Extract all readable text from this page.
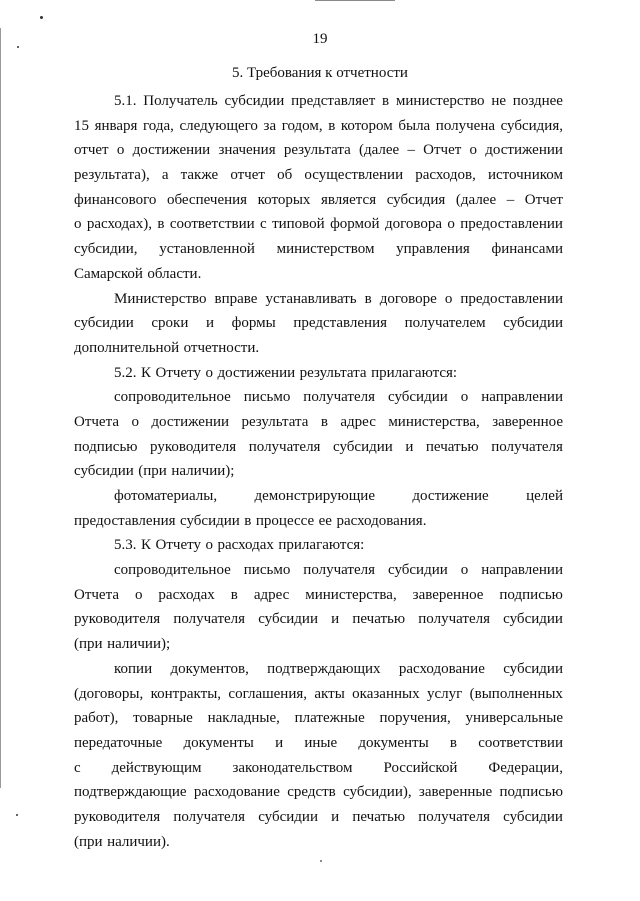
19
5. Требования к отчетности
5.1. Получатель субсидии представляет в министерство не позднее
15 января года, следующего за годом, в котором была получена субсидия,
отчет о достижении значения результата (далее – Отчет о достижении
результата), а также отчет об осуществлении расходов, источником
финансового обеспечения которых является субсидия (далее – Отчет
о расходах), в соответствии с типовой формой договора о предоставлении
субсидии, установленной министерством управления финансами
Самарской области.
Министерство вправе устанавливать в договоре о предоставлении
субсидии сроки и формы представления получателем субсидии
дополнительной отчетности.
5.2. К Отчету о достижении результата прилагаются:
сопроводительное письмо получателя субсидии о направлении
Отчета о достижении результата в адрес министерства, заверенное
подписью руководителя получателя субсидии и печатью получателя
субсидии (при наличии);
фотоматериалы, демонстрирующие достижение целей
предоставления субсидии в процессе ее расходования.
5.3. К Отчету о расходах прилагаются:
сопроводительное письмо получателя субсидии о направлении
Отчета о расходах в адрес министерства, заверенное подписью
руководителя получателя субсидии и печатью получателя субсидии
(при наличии);
копии документов, подтверждающих расходование субсидии
(договоры, контракты, соглашения, акты оказанных услуг (выполненных
работ), товарные накладные, платежные поручения, универсальные
передаточные документы и иные документы в соответствии
с действующим законодательством Российской Федерации,
подтверждающие расходование средств субсидии), заверенные подписью
руководителя получателя субсидии и печатью получателя субсидии
(при наличии).
